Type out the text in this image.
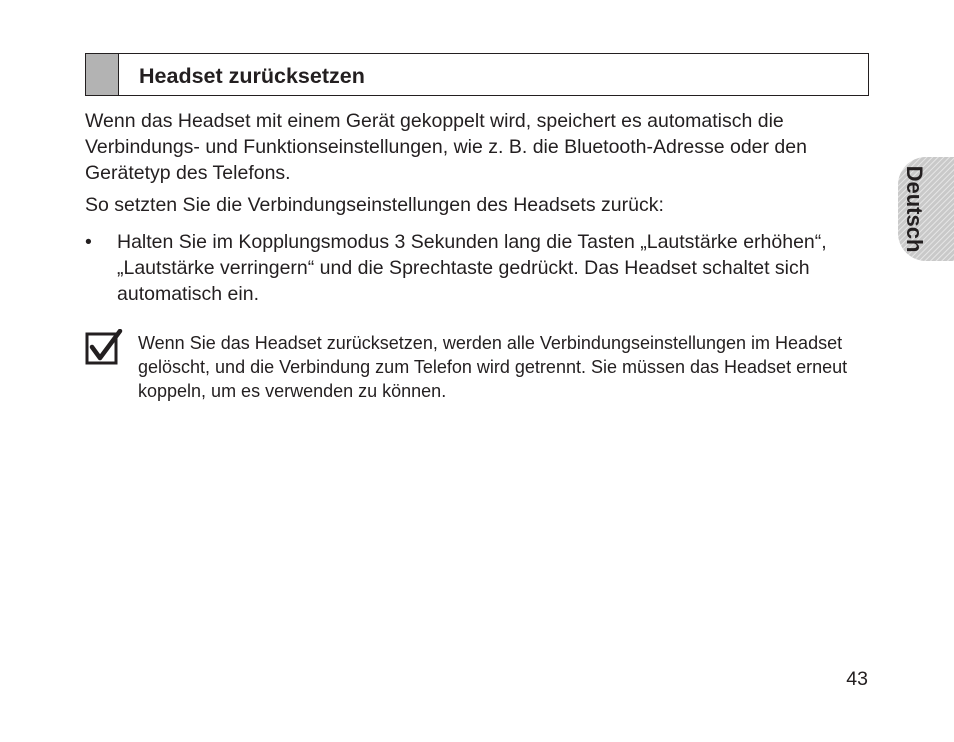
Headset zurücksetzen

Wenn das Headset mit einem Gerät gekoppelt wird, speichert es automatisch die Verbindungs- und Funktionseinstellungen, wie z. B. die Bluetooth-Adresse oder den Gerätetyp des Telefons.

So setzten Sie die Verbindungseinstellungen des Headsets zurück:

• Halten Sie im Kopplungsmodus 3 Sekunden lang die Tasten „Lautstärke erhöhen“, „Lautstärke verringern“ und die Sprechtaste gedrückt. Das Headset schaltet sich automatisch ein.
Wenn Sie das Headset zurücksetzen, werden alle Verbindungseinstellungen im Headset gelöscht, und die Verbindung zum Telefon wird getrennt. Sie müssen das Headset erneut koppeln, um es verwenden zu können.
Deutsch
43
